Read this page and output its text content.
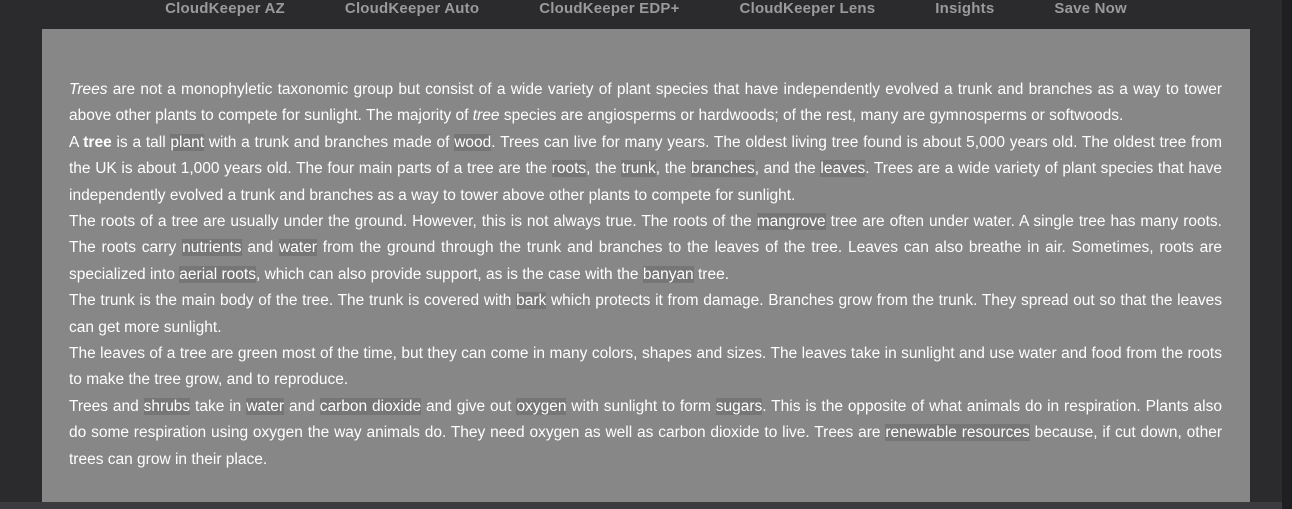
CloudKeeper AZ	CloudKeeper Auto	CloudKeeper EDP+	CloudKeeper Lens	Insights	Save Now

Trees are not a monophyletic taxonomic group but consist of a wide variety of plant species that have independently evolved a trunk and branches as a way to tower above other plants to compete for sunlight. The majority of tree species are angiosperms or hardwoods; of the rest, many are gymnosperms or softwoods.

A tree is a tall plant with a trunk and branches made of wood. Trees can live for many years. The oldest living tree found is about 5,000 years old. The oldest tree from the UK is about 1,000 years old. The four main parts of a tree are the roots, the trunk, the branches, and the leaves. Trees are a wide variety of plant species that have independently evolved a trunk and branches as a way to tower above other plants to compete for sunlight.

The roots of a tree are usually under the ground. However, this is not always true. The roots of the mangrove tree are often under water. A single tree has many roots. The roots carry nutrients and water from the ground through the trunk and branches to the leaves of the tree. Leaves can also breathe in air. Sometimes, roots are specialized into aerial roots, which can also provide support, as is the case with the banyan tree.

The trunk is the main body of the tree. The trunk is covered with bark which protects it from damage. Branches grow from the trunk. They spread out so that the leaves can get more sunlight.

The leaves of a tree are green most of the time, but they can come in many colors, shapes and sizes. The leaves take in sunlight and use water and food from the roots to make the tree grow, and to reproduce.

Trees and shrubs take in water and carbon dioxide and give out oxygen with sunlight to form sugars. This is the opposite of what animals do in respiration. Plants also do some respiration using oxygen the way animals do. They need oxygen as well as carbon dioxide to live. Trees are renewable resources because, if cut down, other trees can grow in their place.
